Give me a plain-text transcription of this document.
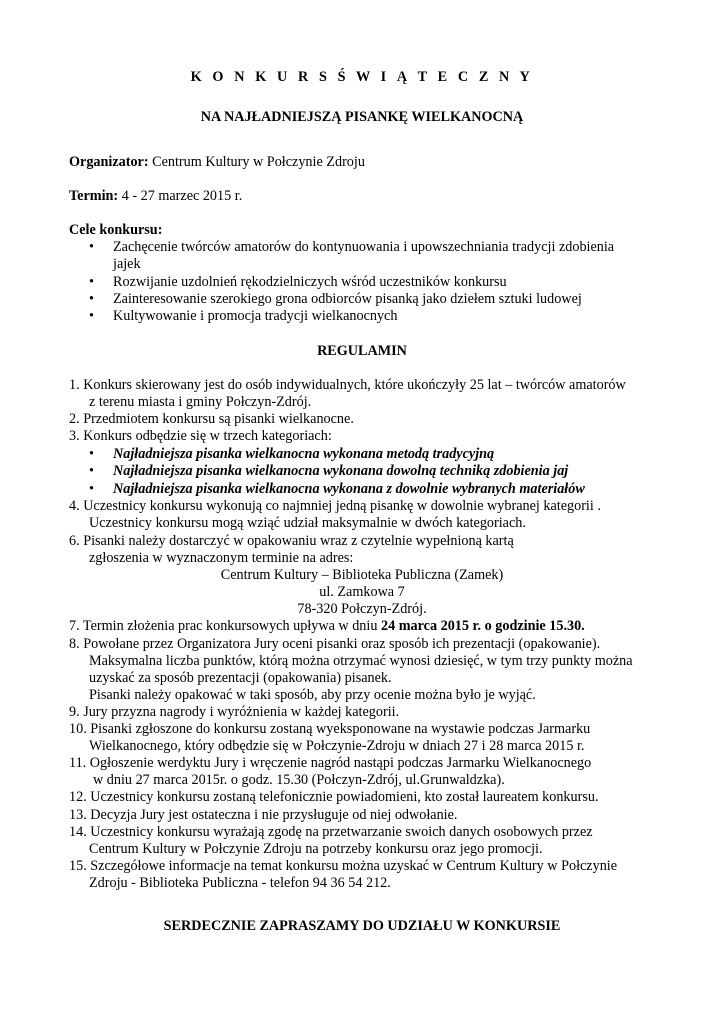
K O N K U R S Ś W I Ą T E C Z N Y
NA NAJŁADNIEJSZĄ PISANKĘ WIELKANOCNĄ
Organizator: Centrum Kultury w Połczynie Zdroju
Termin: 4 - 27 marzec 2015 r.
Cele konkursu:
• Zachęcenie twórców amatorów do kontynuowania i upowszechniania tradycji zdobienia
jajek
• Rozwijanie uzdolnień rękodzielniczych wśród uczestników konkursu
• Zainteresowanie szerokiego grona odbiorców pisanką jako dziełem sztuki ludowej
• Kultywowanie i promocja tradycji wielkanocnych
REGULAMIN
1. Konkurs skierowany jest do osób indywidualnych, które ukończyły 25 lat – twórców amatorów
z terenu miasta i gminy Połczyn-Zdrój.
2. Przedmiotem konkursu są pisanki wielkanocne.
3. Konkurs odbędzie się w trzech kategoriach:
• Najładniejsza pisanka wielkanocna wykonana metodą tradycyjną
• Najładniejsza pisanka wielkanocna wykonana dowolną techniką zdobienia jaj
• Najładniejsza pisanka wielkanocna wykonana z dowolnie wybranych materiałów
4. Uczestnicy konkursu wykonują co najmniej jedną pisankę w dowolnie wybranej kategorii .
Uczestnicy konkursu mogą wziąć udział maksymalnie w dwóch kategoriach.
6. Pisanki należy dostarczyć w opakowaniu wraz z czytelnie wypełnioną kartą
zgłoszenia w wyznaczonym terminie na adres:
Centrum Kultury – Biblioteka Publiczna (Zamek)
ul. Zamkowa 7
78-320 Połczyn-Zdrój.
7. Termin złożenia prac konkursowych upływa w dniu 24 marca 2015 r. o godzinie 15.30.
8. Powołane przez Organizatora Jury oceni pisanki oraz sposób ich prezentacji (opakowanie).
Maksymalna liczba punktów, którą można otrzymać wynosi dziesięć, w tym trzy punkty można
uzyskać za sposób prezentacji (opakowania) pisanek.
Pisanki należy opakować w taki sposób, aby przy ocenie można było je wyjąć.
9. Jury przyzna nagrody i wyróżnienia w każdej kategorii.
10. Pisanki zgłoszone do konkursu zostaną wyeksponowane na wystawie podczas Jarmarku
Wielkanocnego, który odbędzie się w Połczynie-Zdroju w dniach 27 i 28 marca 2015 r.
11. Ogłoszenie werdyktu Jury i wręczenie nagród nastąpi podczas Jarmarku Wielkanocnego
w dniu 27 marca 2015r. o godz. 15.30 (Połczyn-Zdrój, ul.Grunwaldzka).
12. Uczestnicy konkursu zostaną telefonicznie powiadomieni, kto został laureatem konkursu.
13. Decyzja Jury jest ostateczna i nie przysługuje od niej odwołanie.
14. Uczestnicy konkursu wyrażają zgodę na przetwarzanie swoich danych osobowych przez
Centrum Kultury w Połczynie Zdroju na potrzeby konkursu oraz jego promocji.
15. Szczegółowe informacje na temat konkursu można uzyskać w Centrum Kultury w Połczynie
Zdroju - Biblioteka Publiczna - telefon 94 36 54 212.
SERDECZNIE ZAPRASZAMY DO UDZIAŁU W KONKURSIE
